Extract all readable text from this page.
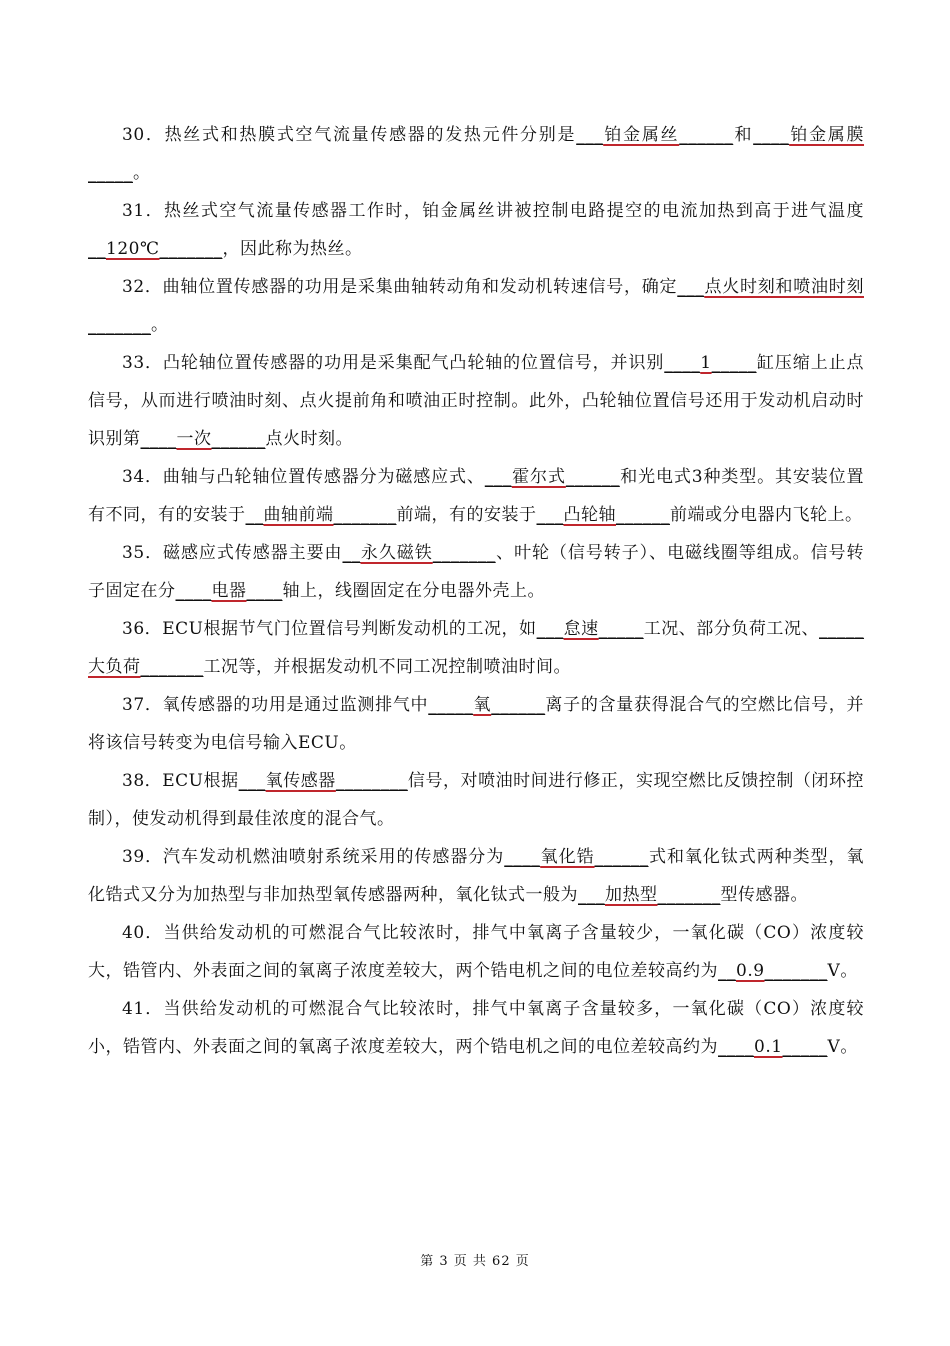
30．热丝式和热膜式空气流量传感器的发热元件分别是___铂金属丝______和____铂金属膜_____。

31．热丝式空气流量传感器工作时，铂金属丝讲被控制电路提空的电流加热到高于进气温度__120℃_______，因此称为热丝。

32．曲轴位置传感器的功用是采集曲轴转动角和发动机转速信号，确定___点火时刻和喷油时刻_______。

33．凸轮轴位置传感器的功用是采集配气凸轮轴的位置信号，并识别____1_____缸压缩上止点信号，从而进行喷油时刻、点火提前角和喷油正时控制。此外，凸轮轴位置信号还用于发动机启动时识别第____一次______点火时刻。

34．曲轴与凸轮轴位置传感器分为磁感应式、___霍尔式______和光电式3种类型。其安装位置有不同，有的安装于__曲轴前端_______前端，有的安装于___凸轮轴______前端或分电器内飞轮上。

35．磁感应式传感器主要由__永久磁铁_______、叶轮（信号转子）、电磁线圈等组成。信号转子固定在分____电器____轴上，线圈固定在分电器外壳上。

36．ECU根据节气门位置信号判断发动机的工况，如___怠速_____工况、部分负荷工况、_____大负荷_______工况等，并根据发动机不同工况控制喷油时间。

37．氧传感器的功用是通过监测排气中_____氧______离子的含量获得混合气的空燃比信号，并将该信号转变为电信号输入ECU。

38．ECU根据___氧传感器________信号，对喷油时间进行修正，实现空燃比反馈控制（闭环控制），使发动机得到最佳浓度的混合气。

39．汽车发动机燃油喷射系统采用的传感器分为____氧化锆______式和氧化钛式两种类型，氧化锆式又分为加热型与非加热型氧传感器两种，氧化钛式一般为___加热型_______型传感器。

40．当供给发动机的可燃混合气比较浓时，排气中氧离子含量较少，一氧化碳（CO）浓度较大，锆管内、外表面之间的氧离子浓度差较大，两个锆电机之间的电位差较高约为__0.9_______V。

41．当供给发动机的可燃混合气比较浓时，排气中氧离子含量较多，一氧化碳（CO）浓度较小，锆管内、外表面之间的氧离子浓度差较大，两个锆电机之间的电位差较高约为____0.1_____V。

第 3 页 共 62 页
